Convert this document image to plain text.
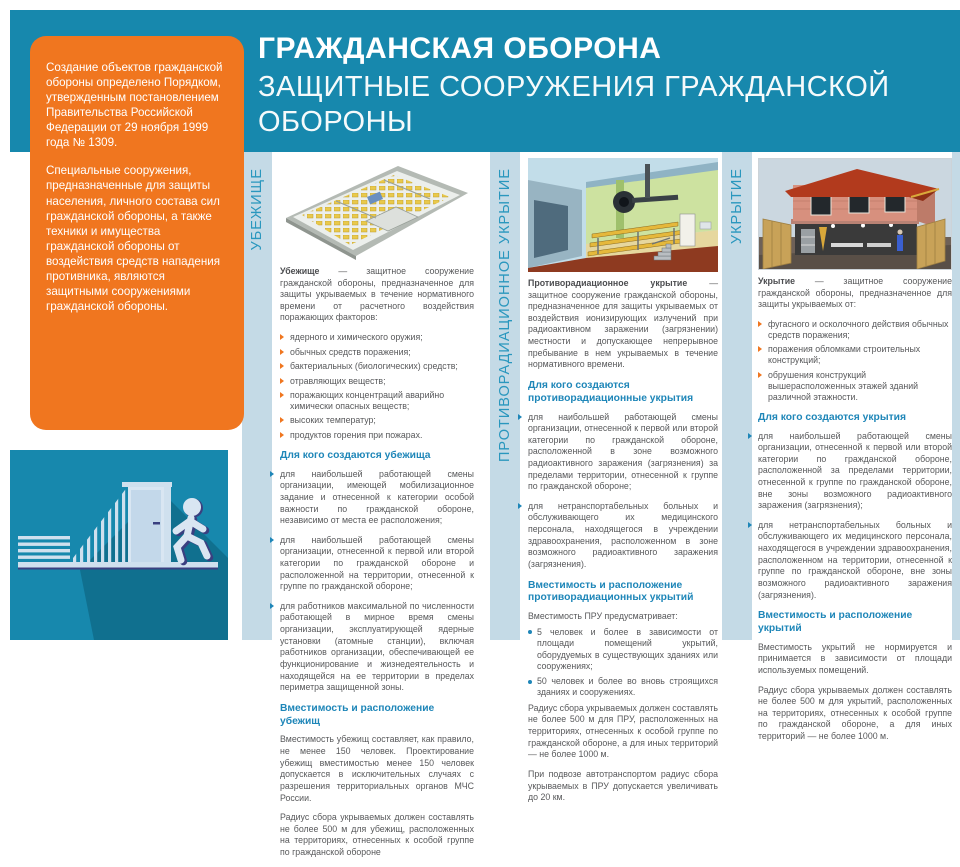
ГРАЖДАНСКАЯ ОБОРОНА
ЗАЩИТНЫЕ СООРУЖЕНИЯ ГРАЖДАНСКОЙ ОБОРОНЫ

Создание объектов гражданской обороны определено Порядком, утвержденным постановлением Правительства Российской Федерации от 29 ноября 1999 года № 1309.

Специальные сооружения, предназначенные для защиты населения, личного состава сил гражданской обороны, а также техники и имущества гражданской обороны от воздействия средств нападения противника, являются защитными сооружениями гражданской обороны.

УБЕЖИЩЕ

Убежище — защитное сооружение гражданской обороны, предназначенное для защиты укрываемых в течение нормативного времени от расчетного воздействия поражающих факторов:

ядерного и химического оружия;
обычных средств поражения;
бактериальных (биологических) средств;
отравляющих веществ;
поражающих концентраций аварийно химически опасных веществ;
высоких температур;
продуктов горения при пожарах.
Для кого создаются убежища

для наибольшей работающей смены организации, имеющей мобилизационное задание и отнесенной к категории особой важности по гражданской обороне, независимо от места ее расположения;

для наибольшей работающей смены организации, отнесенной к первой или второй категории по гражданской обороне и расположенной на территории, отнесенной к группе по гражданской обороне;

для работников максимальной по численности работающей в мирное время смены организации, эксплуатирующей ядерные установки (атомные станции), включая работников организации, обеспечивающей ее функционирование и жизнедеятельность и находящейся на ее территории в пределах периметра защищенной зоны.

Вместимость и расположение убежищ

Вместимость убежищ составляет, как правило, не менее 150 человек. Проектирование убежищ вместимостью менее 150 человек допускается в исключительных случаях с разрешения территориальных органов МЧС России.

Радиус сбора укрываемых должен составлять не более 500 м для убежищ, расположенных на территориях, отнесенных к особой группе по гражданской обороне

ПРОТИВОРАДИАЦИОННОЕ УКРЫТИЕ Противорадиационное укрытие — защитное сооружение гражданской обороны, предназначенное для защиты укрываемых от воздействия ионизирующих излучений при радиоактивном заражении (загрязнении) местности и допускающее непрерывное пребывание в нем укрываемых в течение нормативного времени.

Для кого создаются противорадиационные укрытия

для наибольшей работающей смены организации, отнесенной к первой или второй категории по гражданской обороне, расположенной в зоне возможного радиоактивного заражения (загрязнения) за пределами территории, отнесенной к группе по гражданской обороне;

для нетранспортабельных больных и обслуживающего их медицинского персонала, находящегося в учреждении здравоохранения, расположенном в зоне возможного радиоактивного заражения (загрязнения).

Вместимость и расположение противорадиационных укрытий

Вместимость ПРУ предусматривает:

5 человек и более в зависимости от площади помещений укрытий, оборудуемых в существующих зданиях или сооружениях;
50 человек и более во вновь строящихся зданиях и сооружениях.

Радиус сбора укрываемых должен составлять не более 500 м для ПРУ, расположенных на территориях, отнесенных к особой группе по гражданской обороне, а для иных территорий — не более 1000 м.

При подвозе автотранспортом радиус сбора укрываемых в ПРУ допускается увеличивать до 20 км.

УКРЫТИЕ

Укрытие — защитное сооружение гражданской обороны, предназначенное для защиты укрываемых от:

фугасного и осколочного действия обычных средств поражения;
поражения обломками строительных конструкций;
обрушения конструкций вышерасположенных этажей зданий различной этажности.
Для кого создаются укрытия

для наибольшей работающей смены организации, отнесенной к первой или второй категории по гражданской обороне, расположенной за пределами территории, отнесенной к группе по гражданской обороне, вне зоны возможного радиоактивного заражения (загрязнения);

для нетранспортабельных больных и обслуживающего их медицинского персонала, находящегося в учреждении здравоохранения, расположенном на территории, отнесенной к группе по гражданской обороне, вне зоны возможного радиоактивного заражения (загрязнения).

Вместимость и расположение укрытий

Вместимость укрытий не нормируется и принимается в зависимости от площади используемых помещений.

Радиус сбора укрываемых должен составлять не более 500 м для укрытий, расположенных на территориях, отнесенных к особой группе по гражданской обороне, а для иных территорий — не более 1000 м.
